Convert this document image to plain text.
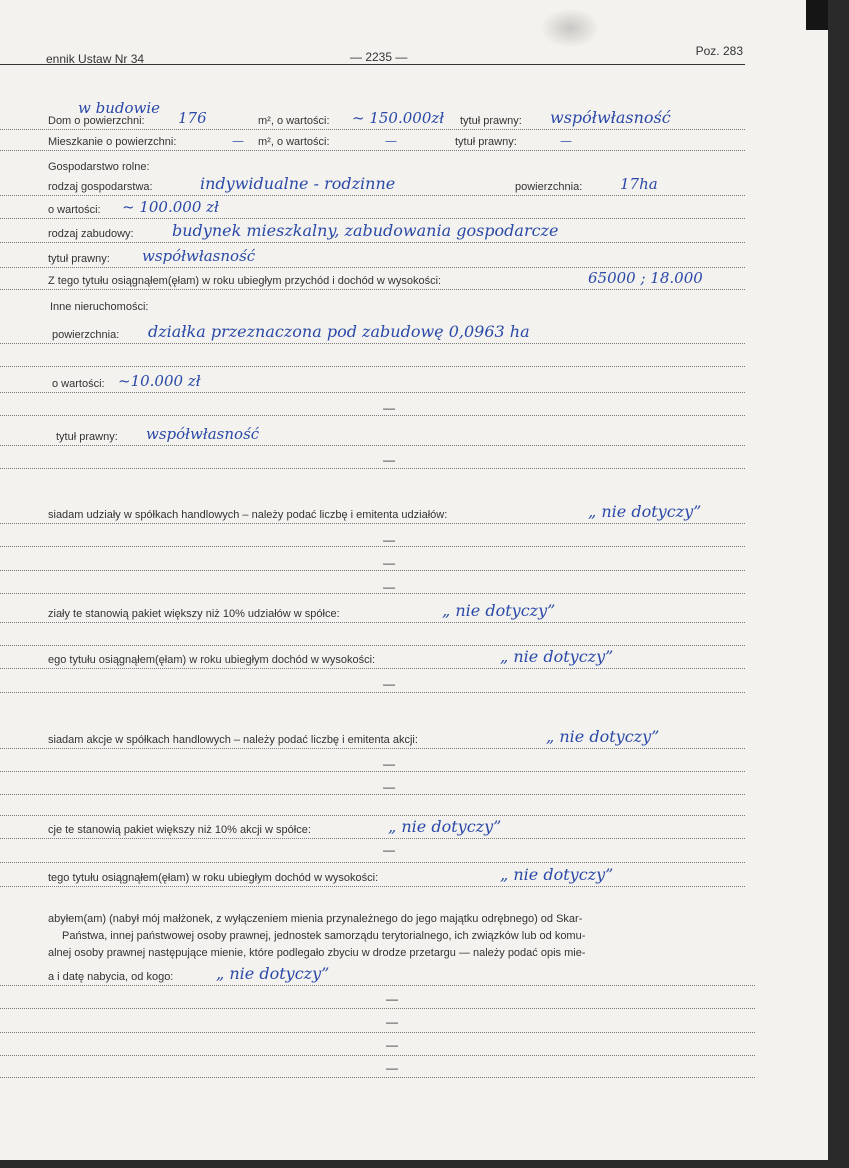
ennik Ustaw Nr 34	— 2235 —	Poz. 283
w budowie
Dom o powierzchni: 176	m², o wartości: ~ 150.000zł tytuł prawny: współwłasność
Mieszkanie o powierzchni:	— m², o wartości:	—	tytuł prawny:	—
Gospodarstwo rolne:
rodzaj gospodarstwa:	indywidualne - rodzinne	powierzchnia:	17ha
o wartości: ~ 100.000 zł
rodzaj zabudowy: budynek mieszkalny, zabudowania gospodarcze
tytuł prawny: współwłasność
Z tego tytułu osiągnąłem(ęłam) w roku ubiegłym przychód i dochód w wysokości:	65000 ; 18.000
Inne nieruchomości:
powierzchnia: działka przeznaczona pod zabudowę 0,0963 ha
o wartości: ~10.000 zł
—
tytuł prawny: współwłasność
—
siadam udziały w spółkach handlowych – należy podać liczbę i emitenta udziałów:	„ nie dotyczy”
—
—
—
ziały te stanowią pakiet większy niż 10% udziałów w spółce:	„ nie dotyczy”
ego tytułu osiągnąłem(ęłam) w roku ubiegłym dochód w wysokości:	„ nie dotyczy”
—
siadam akcje w spółkach handlowych – należy podać liczbę i emitenta akcji:	„ nie dotyczy”
—
—
cje te stanowią pakiet większy niż 10% akcji w spółce:	„ nie dotyczy”
—
tego tytułu osiągnąłem(ęłam) w roku ubiegłym dochód w wysokości:	„ nie dotyczy”
abyłem(am) (nabył mój małżonek, z wyłączeniem mienia przynależnego do jego majątku odrębnego) od Skar-
Państwa, innej państwowej osoby prawnej, jednostek samorządu terytorialnego, ich związków lub od komu-
alnej osoby prawnej następujące mienie, które podlegało zbyciu w drodze przetargu — należy podać opis mie-
a i datę nabycia, od kogo:	„ nie dotyczy”
—
—
—
—
